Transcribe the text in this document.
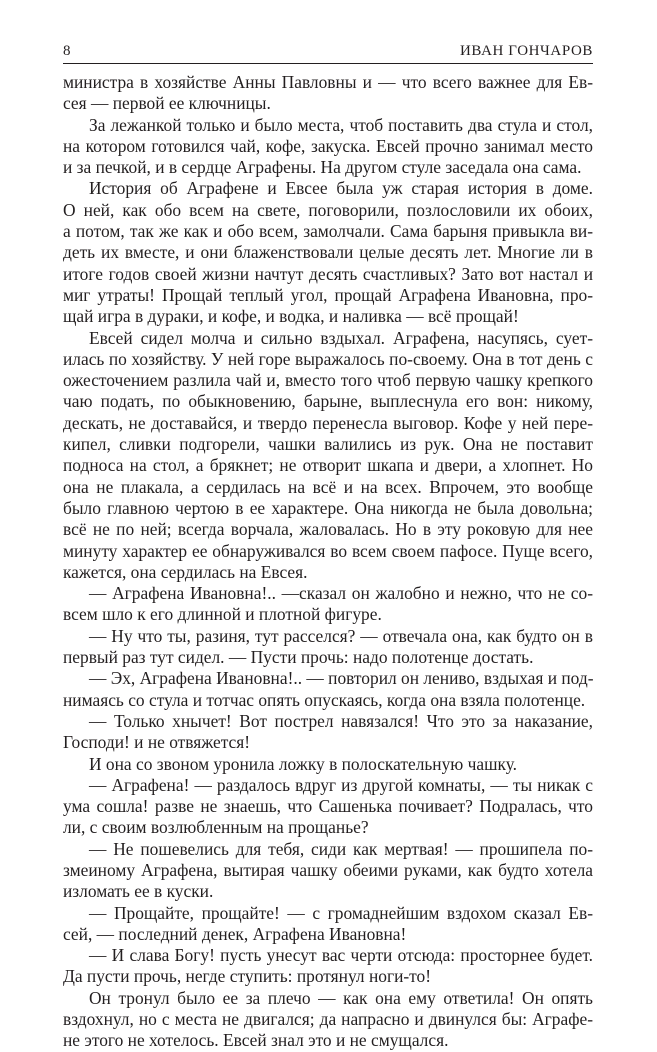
8	ИВАН ГОНЧАРОВ
министра в хозяйстве Анны Павловны и — что всего важнее для Ев-
сея — первой ее ключницы.
За лежанкой только и было места, чтоб поставить два стула и стол,
на котором готовился чай, кофе, закуска. Евсей прочно занимал место
и за печкой, и в сердце Аграфены. На другом стуле заседала она сама.
История об Аграфене и Евсее была уж старая история в доме.
О ней, как обо всем на свете, поговорили, позлословили их обоих,
а потом, так же как и обо всем, замолчали. Сама барыня привыкла ви-
деть их вместе, и они блаженствовали целые десять лет. Многие ли в
итоге годов своей жизни начтут десять счастливых? Зато вот настал и
миг утраты! Прощай теплый угол, прощай Аграфена Ивановна, про-
щай игра в дураки, и кофе, и водка, и наливка — всё прощай!
Евсей сидел молча и сильно вздыхал. Аграфена, насупясь, сует-
илась по хозяйству. У ней горе выражалось по-своему. Она в тот день с
ожесточением разлила чай и, вместо того чтоб первую чашку крепкого
чаю подать, по обыкновению, барыне, выплеснула его вон: никому,
дескать, не доставайся, и твердо перенесла выговор. Кофе у ней пере-
кипел, сливки подгорели, чашки валились из рук. Она не поставит
подноса на стол, а брякнет; не отворит шкапа и двери, а хлопнет. Но
она не плакала, а сердилась на всё и на всех. Впрочем, это вообще
было главною чертою в ее характере. Она никогда не была довольна;
всё не по ней; всегда ворчала, жаловалась. Но в эту роковую для нее
минуту характер ее обнаруживался во всем своем пафосе. Пуще всего,
кажется, она сердилась на Евсея.
— Аграфена Ивановна!.. —сказал он жалобно и нежно, что не со-
всем шло к его длинной и плотной фигуре.
— Ну что ты, разиня, тут расселся? — отвечала она, как будто он в
первый раз тут сидел. — Пусти прочь: надо полотенце достать.
— Эх, Аграфена Ивановна!.. — повторил он лениво, вздыхая и под-
нимаясь со стула и тотчас опять опускаясь, когда она взяла полотенце.
— Только хнычет! Вот пострел навязался! Что это за наказание,
Господи! и не отвяжется!
И она со звоном уронила ложку в полоскательную чашку.
— Аграфена! — раздалось вдруг из другой комнаты, — ты никак с
ума сошла! разве не знаешь, что Сашенька почивает? Подралась, что
ли, с своим возлюбленным на прощанье?
— Не пошевелись для тебя, сиди как мертвая! — прошипела по-
змеиному Аграфена, вытирая чашку обеими руками, как будто хотела
изломать ее в куски.
— Прощайте, прощайте! — с громаднейшим вздохом сказал Ев-
сей, — последний денек, Аграфена Ивановна!
— И слава Богу! пусть унесут вас черти отсюда: просторнее будет.
Да пусти прочь, негде ступить: протянул ноги-то!
Он тронул было ее за плечо — как она ему ответила! Он опять
вздохнул, но с места не двигался; да напрасно и двинулся бы: Аграфе-
не этого не хотелось. Евсей знал это и не смущался.
